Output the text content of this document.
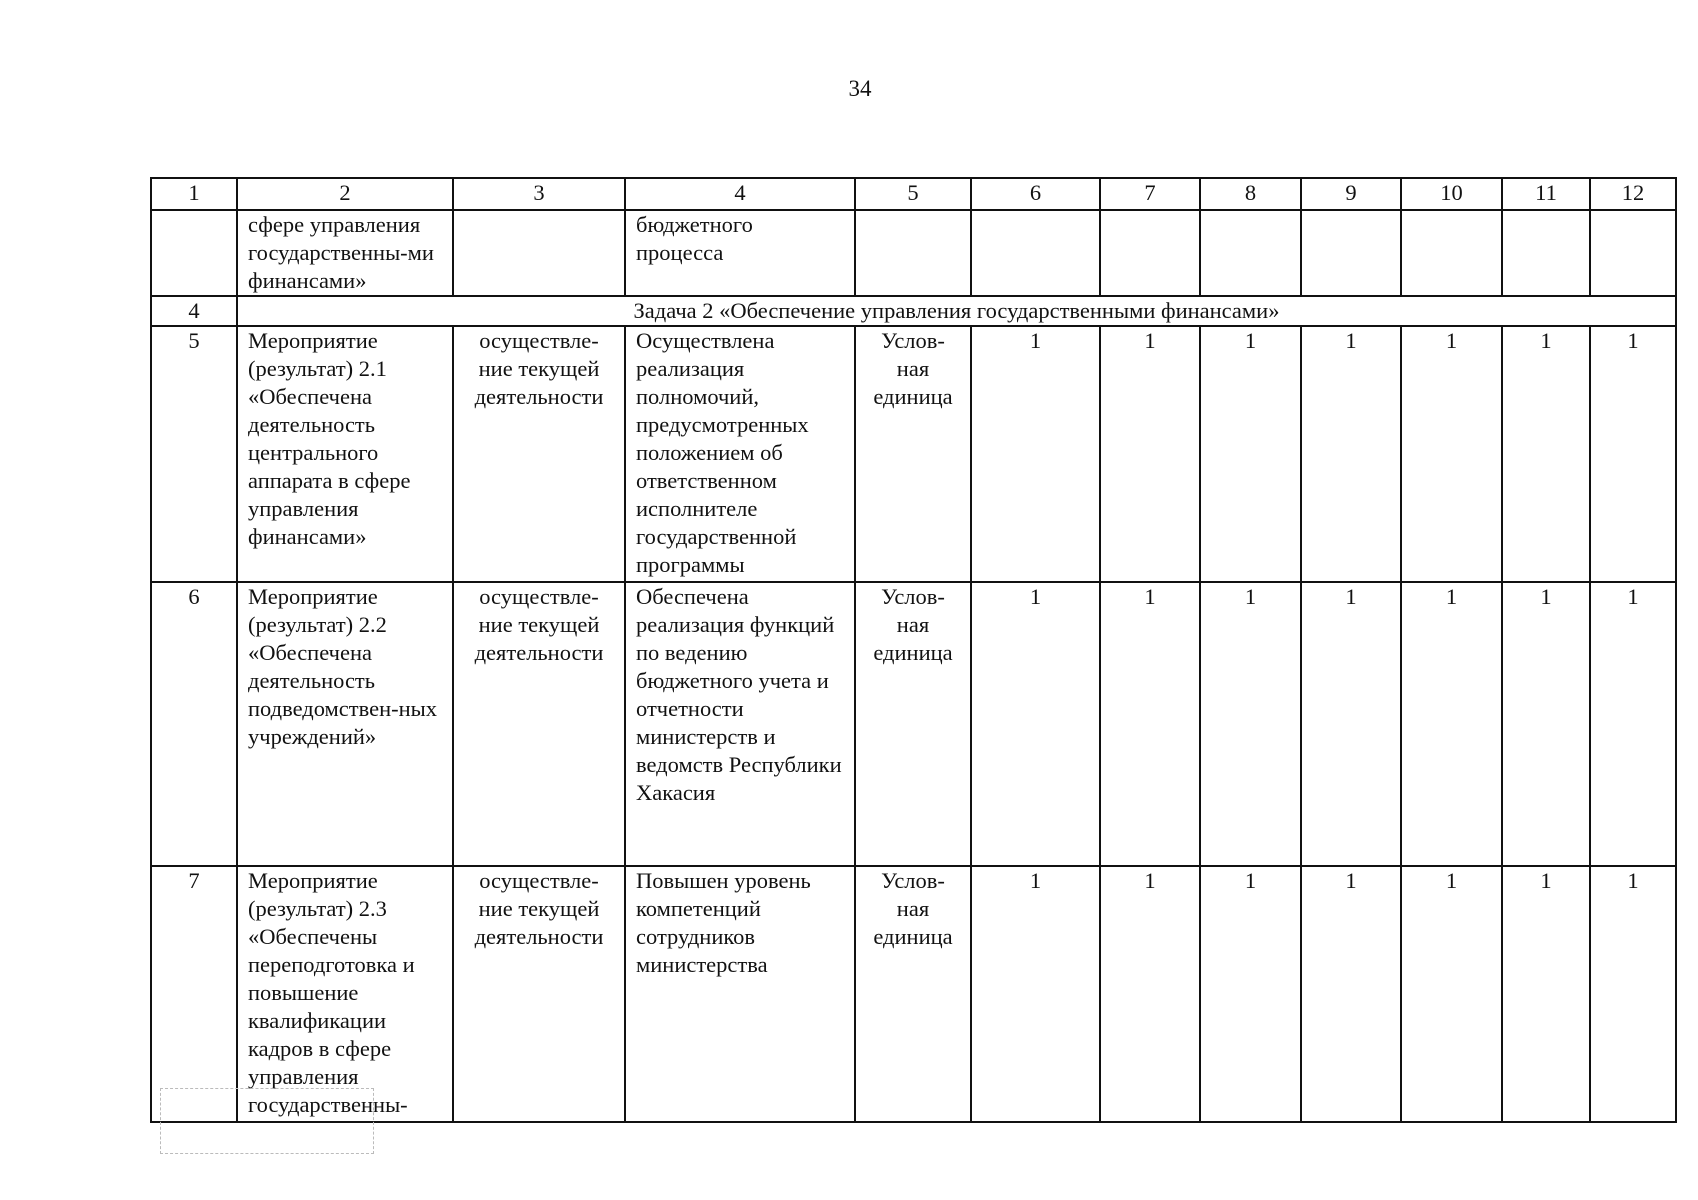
34
1	2	3	4	5	6	7	8	9	10	11	12
	сфере управления государственны-ми финансами»		бюджетного процесса								
4	Задача 2 «Обеспечение управления государственными финансами»										
5	Мероприятие (результат) 2.1 «Обеспечена деятельность центрального аппарата в сфере управления финансами»	осуществле-ние текущей деятельности	Осуществлена реализация полномочий, предусмотренных положением об ответственном исполнителе государственной программы	Услов-ная единица	1	1	1	1	1	1	1
6	Мероприятие (результат) 2.2 «Обеспечена деятельность подведомствен-ных учреждений»	осуществле-ние текущей деятельности	Обеспечена реализация функций по ведению бюджетного учета и отчетности министерств и ведомств Республики Хакасия	Услов-ная единица	1	1	1	1	1	1	1
7	Мероприятие (результат) 2.3 «Обеспечены переподготовка и повышение квалификации кадров в сфере управления государственны-	осуществле-ние текущей деятельности	Повышен уровень компетенций сотрудников министерства	Услов-ная единица	1	1	1	1	1	1	1
